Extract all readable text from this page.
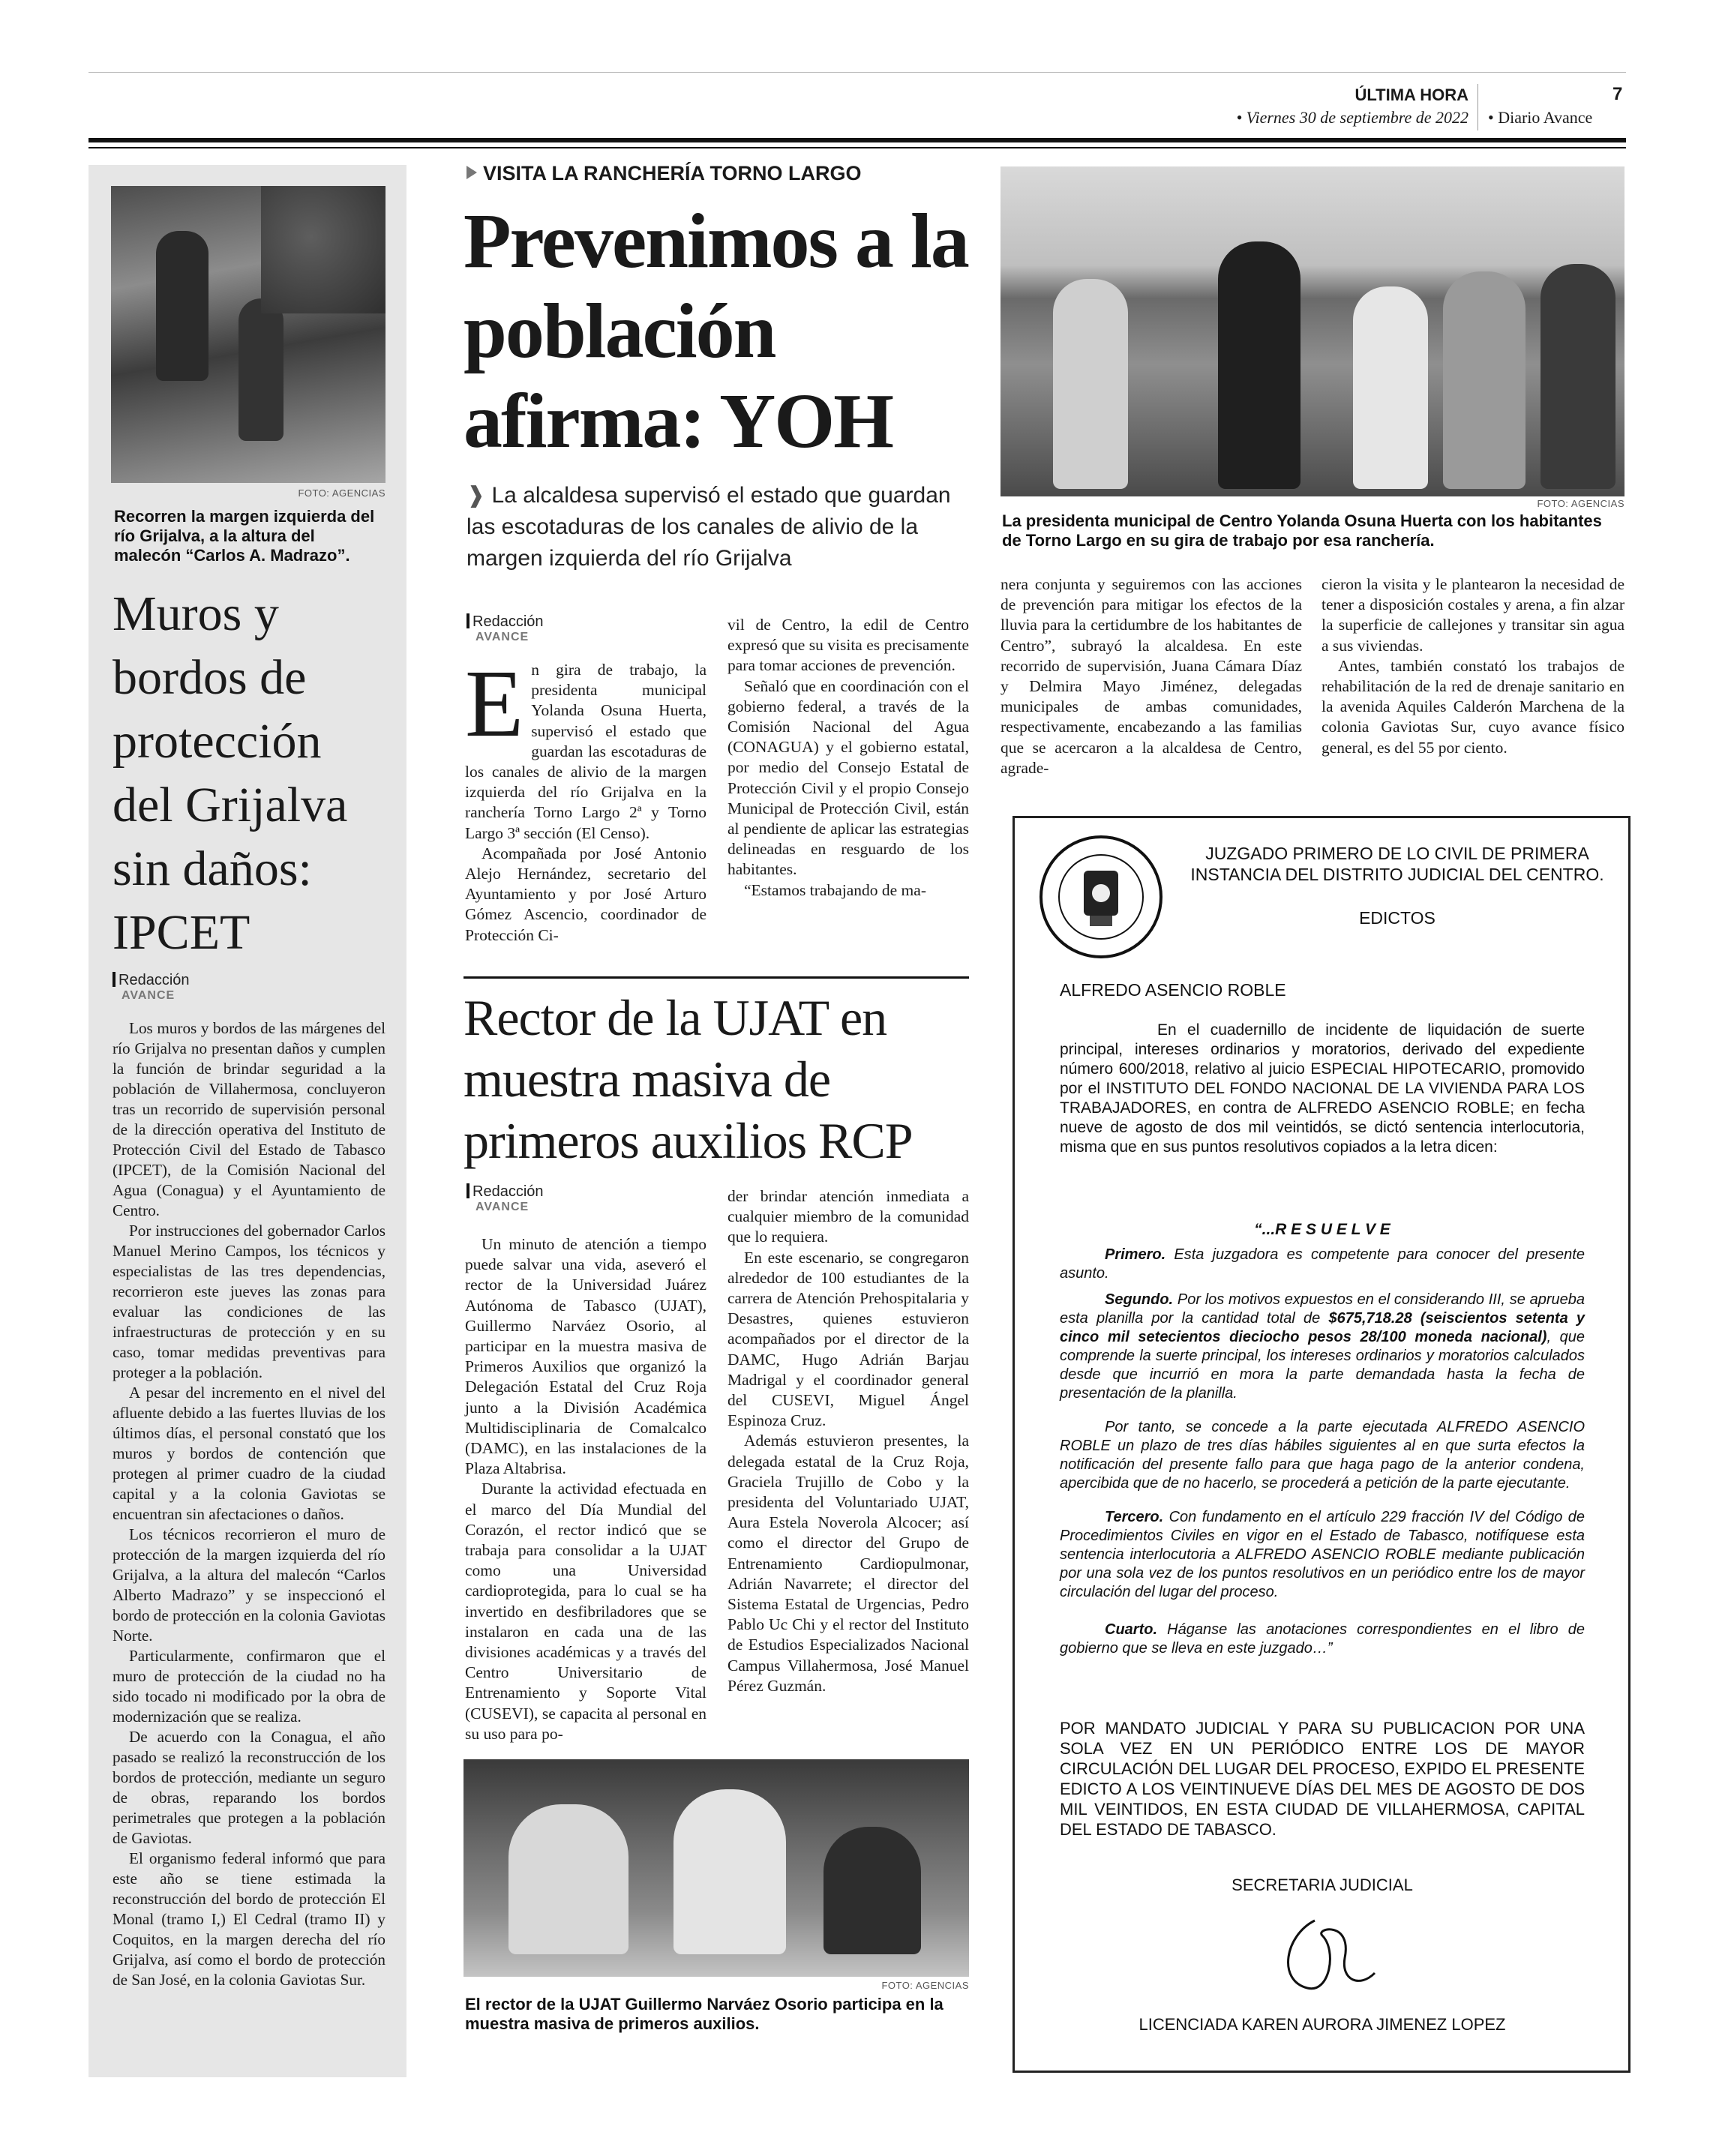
ÚLTIMA HORA
• Viernes 30 de septiembre de 2022
7
• Diario Avance
FOTO: AGENCIAS
Recorren la margen izquierda del río Grijalva, a la altura del malecón “Carlos A. Madrazo”.
Muros y bordos de protección del Grijalva sin daños: IPCET
Redacción
AVANCE

Los muros y bordos de las márgenes del río Grijalva no presentan daños y cumplen la función de brindar seguridad a la población de Villahermosa, concluyeron tras un recorrido de supervisión personal de la dirección operativa del Instituto de Protección Civil del Estado de Tabasco (IPCET), de la Comisión Nacional del Agua (Conagua) y el Ayuntamiento de Centro.

Por instrucciones del gobernador Carlos Manuel Merino Campos, los técnicos y especialistas de las tres dependencias, recorrieron este jueves las zonas para evaluar las condiciones de las infraestructuras de protección y en su caso, tomar medidas preventivas para proteger a la población.

A pesar del incremento en el nivel del afluente debido a las fuertes lluvias de los últimos días, el personal constató que los muros y bordos de contención que protegen al primer cuadro de la ciudad capital y a la colonia Gaviotas se encuentran sin afectaciones o daños.

Los técnicos recorrieron el muro de protección de la margen izquierda del río Grijalva, a la altura del malecón “Carlos Alberto Madrazo” y se inspeccionó el bordo de protección en la colonia Gaviotas Norte.

Particularmente, confirmaron que el muro de protección de la ciudad no ha sido tocado ni modificado por la obra de modernización que se realiza.

De acuerdo con la Conagua, el año pasado se realizó la reconstrucción de los bordos de protección, mediante un seguro de obras, reparando los bordos perimetrales que protegen a la población de Gaviotas.

El organismo federal informó que para este año se tiene estimada la reconstrucción del bordo de protección El Monal (tramo I,) El Cedral (tramo II) y Coquitos, en la margen derecha del río Grijalva, así como el bordo de protección de San José, en la colonia Gaviotas Sur.

VISITA LA RANCHERÍA TORNO LARGO
Prevenimos a la población afirma: YOH
❱ La alcaldesa supervisó el estado que guardan las escotaduras de los canales de alivio de la margen izquierda del río Grijalva
Redacción
AVANCE

En gira de trabajo, la presidenta municipal Yolanda Osuna Huerta, supervisó el estado que guardan las escotaduras de los canales de alivio de la margen izquierda del río Grijalva en la ranchería Torno Largo 2ª y Torno Largo 3ª sección (El Censo).

Acompañada por José Antonio Alejo Hernández, secretario del Ayuntamiento y por José Arturo Gómez Ascencio, coordinador de Protección Ci-

vil de Centro, la edil de Centro expresó que su visita es precisamente para tomar acciones de prevención.

Señaló que en coordinación con el gobierno federal, a través de la Comisión Nacional del Agua (CONAGUA) y el gobierno estatal, por medio del Consejo Estatal de Protección Civil y el propio Consejo Municipal de Protección Civil, están al pendiente de aplicar las estrategias delineadas en resguardo de los habitantes.

“Estamos trabajando de ma-

FOTO: AGENCIAS
La presidenta municipal de Centro Yolanda Osuna Huerta con los habitantes de Torno Largo en su gira de trabajo por esa ranchería.

nera conjunta y seguiremos con las acciones de prevención para mitigar los efectos de la lluvia para la certidumbre de los habitantes de Centro”, subrayó la alcaldesa. En este recorrido de supervisión, Juana Cámara Díaz y Delmira Mayo Jiménez, delegadas municipales de ambas comunidades, respectivamente, encabezando a las familias que se acercaron a la alcaldesa de Centro, agrade-

cieron la visita y le plantearon la necesidad de tener a disposición costales y arena, a fin alzar la superficie de callejones y transitar sin agua a sus viviendas.

Antes, también constató los trabajos de rehabilitación de la red de drenaje sanitario en la avenida Aquiles Calderón Marchena de la colonia Gaviotas Sur, cuyo avance físico general, es del 55 por ciento.

Rector de la UJAT en muestra masiva de primeros auxilios RCP
Redacción
AVANCE

Un minuto de atención a tiempo puede salvar una vida, aseveró el rector de la Universidad Juárez Autónoma de Tabasco (UJAT), Guillermo Narváez Osorio, al participar en la muestra masiva de Primeros Auxilios que organizó la Delegación Estatal del Cruz Roja junto a la División Académica Multidisciplinaria de Comalcalco (DAMC), en las instalaciones de la Plaza Altabrisa.

Durante la actividad efectuada en el marco del Día Mundial del Corazón, el rector indicó que se trabaja para consolidar a la UJAT como una Universidad cardioprotegida, para lo cual se ha invertido en desfibriladores que se instalaron en cada una de las divisiones académicas y a través del Centro Universitario de Entrenamiento y Soporte Vital (CUSEVI), se capacita al personal en su uso para po-

der brindar atención inmediata a cualquier miembro de la comunidad que lo requiera.

En este escenario, se congregaron alrededor de 100 estudiantes de la carrera de Atención Prehospitalaria y Desastres, quienes estuvieron acompañados por el director de la DAMC, Hugo Adrián Barjau Madrigal y el coordinador general del CUSEVI, Miguel Ángel Espinoza Cruz.

Además estuvieron presentes, la delegada estatal de la Cruz Roja, Graciela Trujillo de Cobo y la presidenta del Voluntariado UJAT, Aura Estela Noverola Alcocer; así como el director del Grupo de Entrenamiento Cardiopulmonar, Adrián Navarrete; el director del Sistema Estatal de Urgencias, Pedro Pablo Uc Chi y el rector del Instituto de Estudios Especializados Nacional Campus Villahermosa, José Manuel Pérez Guzmán.

FOTO: AGENCIAS
El rector de la UJAT Guillermo Narváez Osorio participa en la muestra masiva de primeros auxilios.
JUZGADO PRIMERO DE LO CIVIL DE PRIMERA
INSTANCIA DEL DISTRITO JUDICIAL DEL CENTRO.
EDICTOS
ALFREDO ASENCIO ROBLE
En el cuadernillo de incidente de liquidación de suerte principal, intereses ordinarios y moratorios, derivado del expediente número 600/2018, relativo al juicio ESPECIAL HIPOTECARIO, promovido por el INSTITUTO DEL FONDO NACIONAL DE LA VIVIENDA PARA LOS TRABAJADORES, en contra de ALFREDO ASENCIO ROBLE; en fecha nueve de agosto de dos mil veintidós, se dictó sentencia interlocutoria, misma que en sus puntos resolutivos copiados a la letra dicen:
“...R E S U E L V E
Primero. Esta juzgadora es competente para conocer del presente asunto.
Segundo. Por los motivos expuestos en el considerando III, se aprueba esta planilla por la cantidad total de $675,718.28 (seiscientos setenta y cinco mil setecientos dieciocho pesos 28/100 moneda nacional), que comprende la suerte principal, los intereses ordinarios y moratorios calculados desde que incurrió en mora la parte demandada hasta la fecha de presentación de la planilla.
Por tanto, se concede a la parte ejecutada ALFREDO ASENCIO ROBLE un plazo de tres días hábiles siguientes al en que surta efectos la notificación del presente fallo para que haga pago de la anterior condena, apercibida que de no hacerlo, se procederá a petición de la parte ejecutante.
Tercero. Con fundamento en el artículo 229 fracción IV del Código de Procedimientos Civiles en vigor en el Estado de Tabasco, notifíquese esta sentencia interlocutoria a ALFREDO ASENCIO ROBLE mediante publicación por una sola vez de los puntos resolutivos en un periódico entre los de mayor circulación del lugar del proceso.
Cuarto. Háganse las anotaciones correspondientes en el libro de gobierno que se lleva en este juzgado…”
POR MANDATO JUDICIAL Y PARA SU PUBLICACION POR UNA SOLA VEZ EN UN PERIÓDICO ENTRE LOS DE MAYOR CIRCULACIÓN DEL LUGAR DEL PROCESO, EXPIDO EL PRESENTE EDICTO A LOS VEINTINUEVE DÍAS DEL MES DE AGOSTO DE DOS MIL VEINTIDOS, EN ESTA CIUDAD DE VILLAHERMOSA, CAPITAL DEL ESTADO DE TABASCO.
SECRETARIA JUDICIAL
LICENCIADA KAREN AURORA JIMENEZ LOPEZ
